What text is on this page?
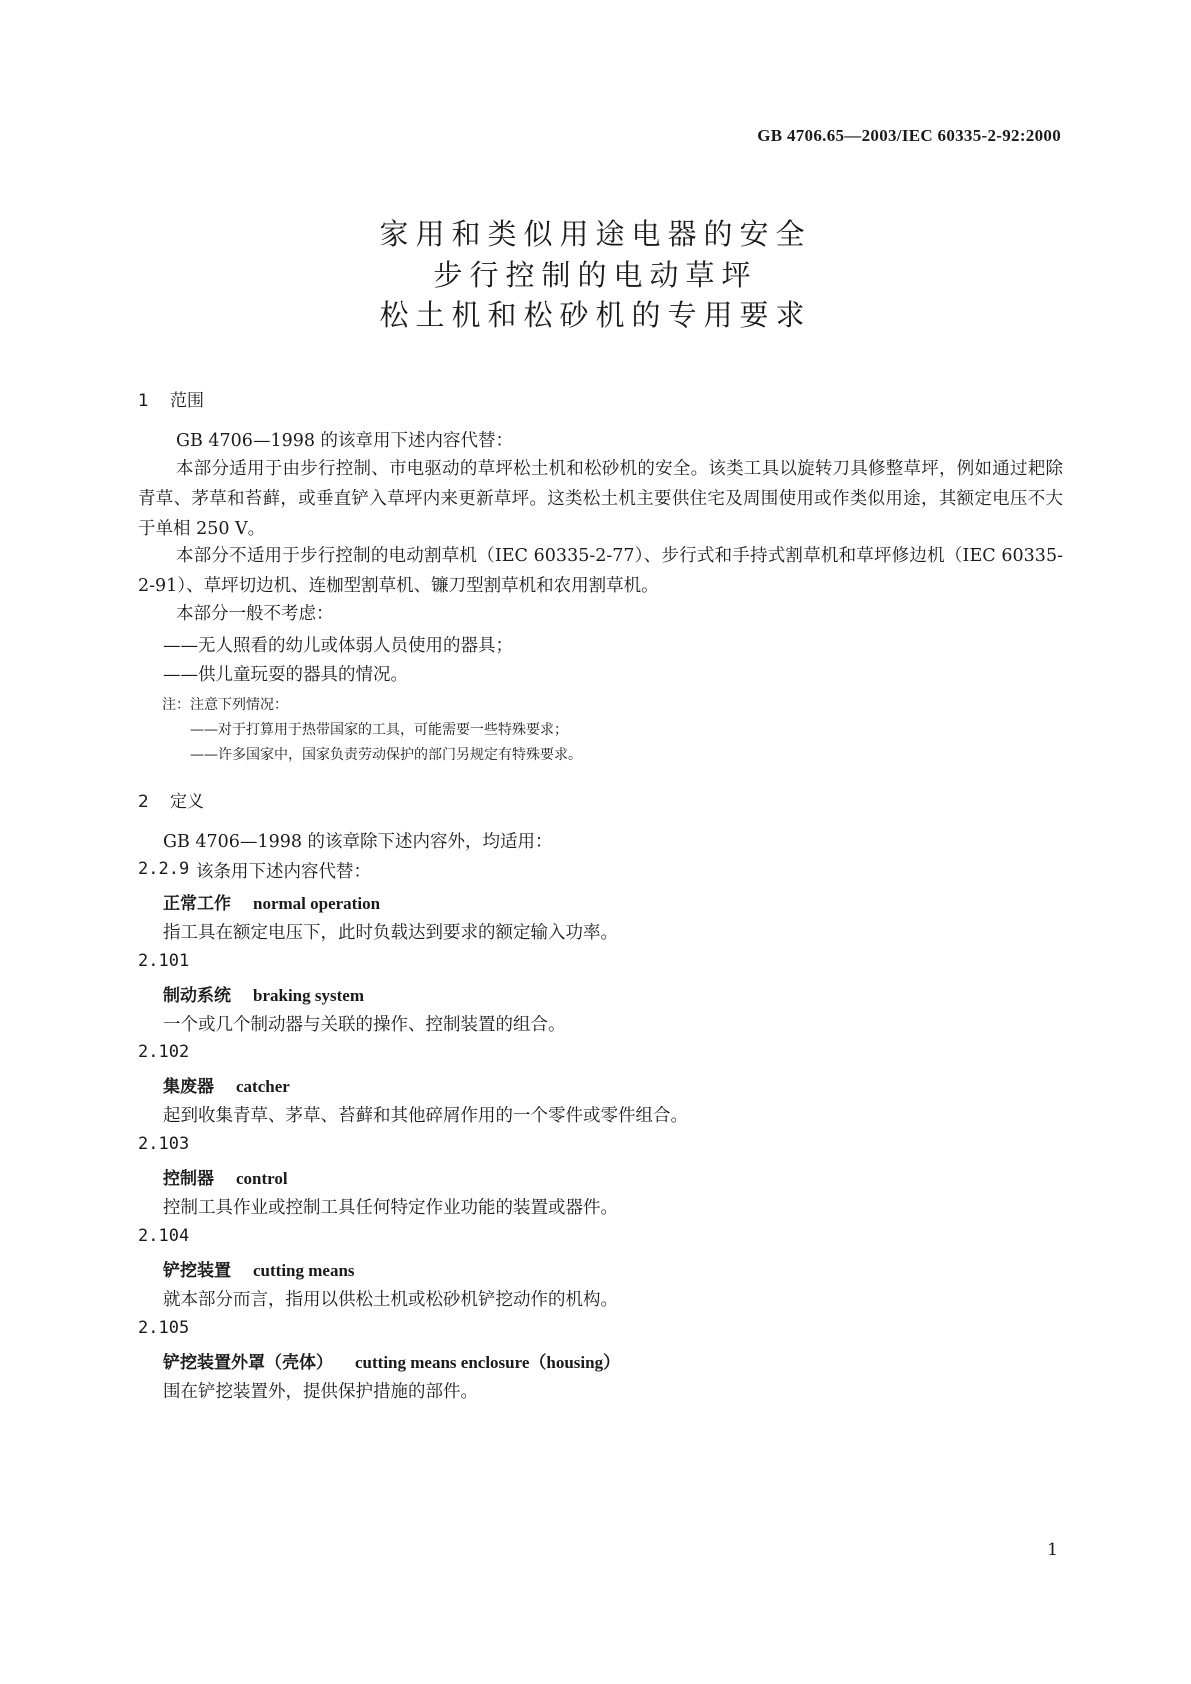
GB 4706.65—2003/IEC 60335-2-92:2000
家用和类似用途电器的安全
步行控制的电动草坪
松土机和松砂机的专用要求
1 范围
GB 4706—1998 的该章用下述内容代替：
本部分适用于由步行控制、市电驱动的草坪松土机和松砂机的安全。该类工具以旋转刀具修整草坪，例如通过耙除青草、茅草和苔藓，或垂直铲入草坪内来更新草坪。这类松土机主要供住宅及周围使用或作类似用途，其额定电压不大于单相 250 V。
本部分不适用于步行控制的电动割草机（IEC 60335-2-77）、步行式和手持式割草机和草坪修边机（IEC 60335-2-91）、草坪切边机、连枷型割草机、镰刀型割草机和农用割草机。
本部分一般不考虑：
——无人照看的幼儿或体弱人员使用的器具；
——供儿童玩耍的器具的情况。
注：注意下列情况：
——对于打算用于热带国家的工具，可能需要一些特殊要求；
——许多国家中，国家负责劳动保护的部门另规定有特殊要求。
2 定义
GB 4706—1998 的该章除下述内容外，均适用：
2.2.9 该条用下述内容代替：
正常工作 normal operation
指工具在额定电压下，此时负载达到要求的额定输入功率。
2.101
制动系统 braking system
一个或几个制动器与关联的操作、控制装置的组合。
2.102
集废器 catcher
起到收集青草、茅草、苔藓和其他碎屑作用的一个零件或零件组合。
2.103
控制器 control
控制工具作业或控制工具任何特定作业功能的装置或器件。
2.104
铲挖装置 cutting means
就本部分而言，指用以供松土机或松砂机铲挖动作的机构。
2.105
铲挖装置外罩（壳体） cutting means enclosure（housing）
围在铲挖装置外，提供保护措施的部件。
1
